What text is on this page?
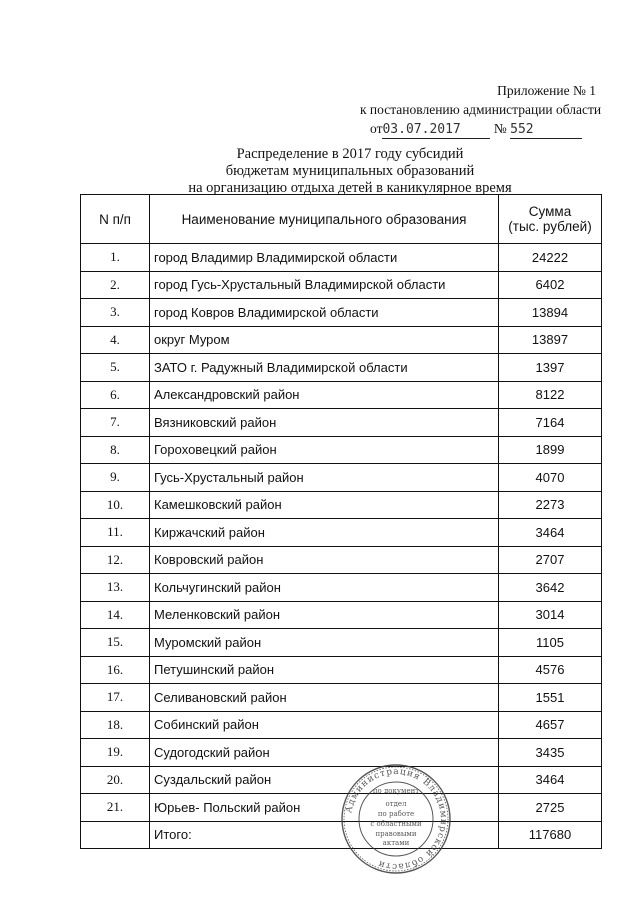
Приложение № 1
к постановлению администрации области
от03.07.2017 № 552
Распределение в 2017 году субсидий
бюджетам муниципальных образований
на организацию отдыха детей в каникулярное время
N п/п	Наименование муниципального образования	Сумма
(тыс. рублей)

1.	город Владимир Владимирской области	24222
2.	город Гусь-Хрустальный Владимирской области	6402
3.	город Ковров Владимирской области	13894
4.	округ Муром	13897
5.	ЗАТО г. Радужный Владимирской области	1397
6.	Александровский район	8122
7.	Вязниковский район	7164
8.	Гороховецкий район	1899
9.	Гусь-Хрустальный район	4070
10.	Камешковский район	2273
11.	Киржачский район	3464
12.	Ковровский район	2707
13.	Кольчугинский район	3642
14.	Меленковский район	3014
15.	Муромский район	1105
16.	Петушинский район	4576
17.	Селивановский район	1551
18.	Собинский район	4657
19.	Судогодский район	3435
20.	Суздальский район	3464
21.	Юрьев- Польский район	2725
	Итого:	117680
Администрация Владимирской области
по документ
отдел
по работе
с областными
правовыми
актами
